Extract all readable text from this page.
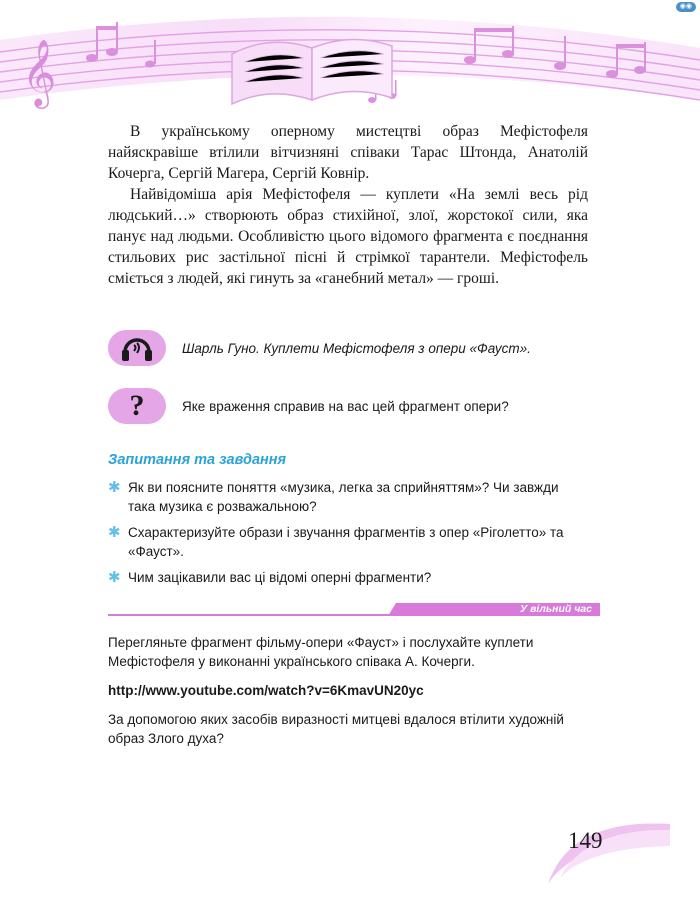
𝄞
◉◉

В українському оперному мистецтві образ Мефістофеля найяскравіше втілили вітчизняні співаки Тарас Штонда, Анатолій Кочерга, Сергій Магера, Сергій Ковнір.

Найвідоміша арія Мефістофеля — куплети «На землі весь рід людський…» створюють образ стихійної, злої, жорстокої сили, яка панує над людьми. Особливістю цього відомого фрагмента є поєднання стильових рис застільної пісні й стрімкої тарантели. Мефістофель сміється з людей, які гинуть за «ганебний метал» — гроші.

Шарль Гуно. Куплети Мефістофеля з опери «Фауст».
?	Яке враження справив на вас цей фрагмент опери?
Запитання та завдання
✱ Як ви поясните поняття «музика, легка за сприйняттям»? Чи завжди така музика є розважальною?
✱ Схарактеризуйте образи і звучання фрагментів з опер «Ріголетто» та «Фауст».
✱ Чим зацікавили вас ці відомі оперні фрагменти?
У вільний час

Перегляньте фрагмент фільму-опери «Фауст» і послухайте куплети Мефістофеля у виконанні українського співака А. Кочерги.

http://www.youtube.com/watch?v=6KmavUN20yc

За допомогою яких засобів виразності митцеві вдалося втілити художній образ Злого духа?

149
